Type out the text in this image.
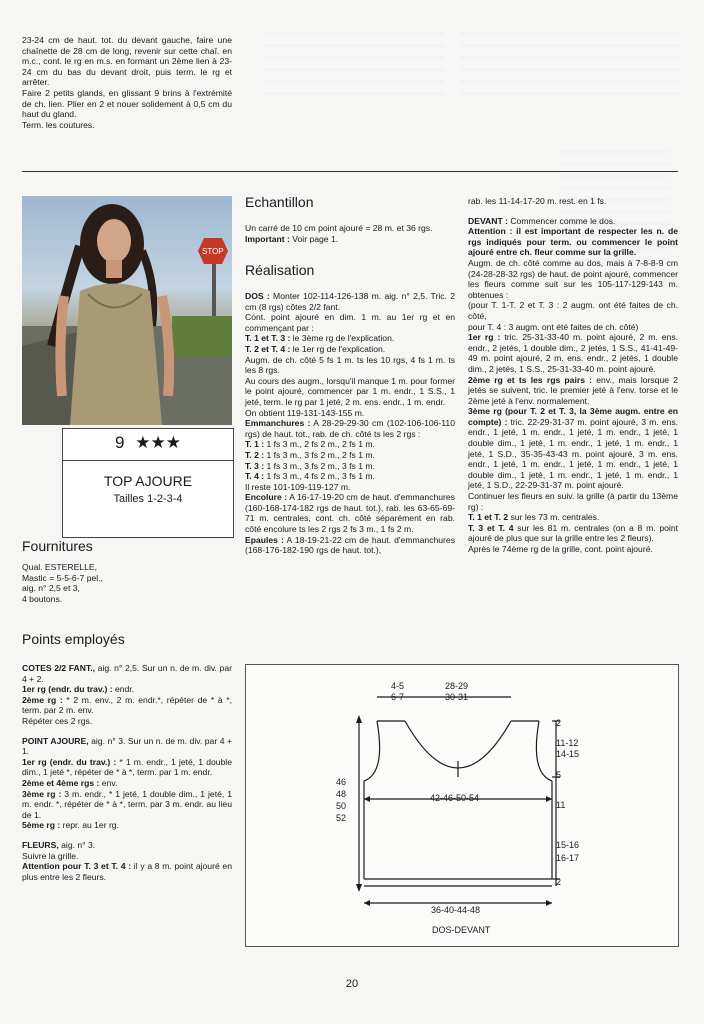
23-24 cm de haut. tot. du devant gauche, faire une chaînette de 28 cm de long, revenir sur cette chaî. en m.c., cont. le rg en m.s. en formant un 2ème lien à 23-24 cm du bas du devant droit, puis term. le rg et arrêter.

Faire 2 petits glands, en glissant 9 brins à l'extrémité de ch. lien. Plier en 2 et nouer solidement à 0,5 cm du haut du gland.

Term. les coutures.

STOP
9 ★★★
TOP AJOURE
Tailles 1-2-3-4
Fournitures

Qual. ESTERELLE,

Mastic = 5-5-6-7 pel.,

aig. n° 2,5 et 3,

4 boutons.

Points employés

COTES 2/2 FANT., aig. n° 2,5. Sur un n. de m. div. par 4 + 2.

1er rg (endr. du trav.) : endr.

2ème rg : * 2 m. env., 2 m. endr.*, répéter de * à *, term. par 2 m. env.

Répéter ces 2 rgs.

POINT AJOURE, aig. n° 3. Sur un n. de m. div. par 4 + 1.

1er rg (endr. du trav.) : * 1 m. endr., 1 jeté, 1 double dim., 1 jeté *, répéter de * à *, term. par 1 m. endr.

2ème et 4ème rgs : env.

3ème rg : 3 m. endr., * 1 jeté, 1 double dim., 1 jeté, 1 m. endr. *, répéter de * à *, term. par 3 m. endr. au lieu de 1.

5ème rg : repr. au 1er rg.

FLEURS, aig. n° 3.

Suivre la grille.

Attention pour T. 3 et T. 4 : il y a 8 m. point ajouré en plus entre les 2 fleurs.

Echantillon

Un carré de 10 cm point ajouré = 28 m. et 36 rgs.

Important : Voir page 1.

Réalisation

DOS : Monter 102-114-126-138 m. aig. n° 2,5. Tric. 2 cm (8 rgs) côtes 2/2 fant.

Cont. point ajouré en dim. 1 m. au 1er rg et en commençant par :

T. 1 et T. 3 : le 3ème rg de l'explication.

T. 2 et T. 4 : le 1er rg de l'explication.

Augm. de ch. côté 5 fs 1 m. ts les 10 rgs, 4 fs 1 m. ts les 8 rgs.

Au cours des augm., lorsqu'il manque 1 m. pour former le point ajouré, commencer par 1 m. endr., 1 S.S., 1 jeté, term. le rg par 1 jeté, 2 m. ens. endr., 1 m. endr.

On obtient 119-131-143-155 m.

Emmanchures : A 28-29-29-30 cm (102-106-106-110 rgs) de haut. tot., rab. de ch. côté ts les 2 rgs :

T. 1 : 1 fs 3 m., 2 fs 2 m., 2 fs 1 m.

T. 2 : 1 fs 3 m., 3 fs 2 m., 2 fs 1 m.

T. 3 : 1 fs 3 m., 3 fs 2 m., 3 fs 1 m.

T. 4 : 1 fs 3 m., 4 fs 2 m., 3 fs 1 m.

Il reste 101-109-119-127 m.

Encolure : A 16-17-19-20 cm de haut. d'emmanchures (160-168-174-182 rgs de haut. tot.), rab. les 63-65-69-71 m. centrales, cont. ch. côté séparément en rab. côté encolure ts les 2 rgs 2 fs 3 m., 1 fs 2 m.

Epaules : A 18-19-21-22 cm de haut. d'emmanchures (168-176-182-190 rgs de haut. tot.),

rab. les 11-14-17-20 m. rest. en 1 fs.

DEVANT : Commencer comme le dos.

Attention : il est important de respecter les n. de rgs indiqués pour term. ou commencer le point ajouré entre ch. fleur comme sur la grille.

Augm. de ch. côté comme au dos, mais à 7-8-8-9 cm (24-28-28-32 rgs) de haut. de point ajouré, commencer les fleurs comme suit sur les 105-117-129-143 m. obtenues :

(pour T. 1-T. 2 et T. 3 : 2 augm. ont été faites de ch. côté,

pour T. 4 : 3 augm. ont été faites de ch. côté)

1er rg : tric. 25-31-33-40 m. point ajouré, 2 m. ens. endr., 2 jetés, 1 double dim., 2 jetés, 1 S.S., 41-41-49-49 m. point ajouré, 2 m. ens. endr., 2 jetés, 1 double dim., 2 jetés, 1 S.S., 25-31-33-40 m. point ajouré.

2ème rg et ts les rgs pairs : env., mais lorsque 2 jetés se suivent, tric. le premier jeté à l'env. torse et le 2ème jeté à l'env. normalement.

3ème rg (pour T. 2 et T. 3, la 3ème augm. entre en compte) : tric. 22-29-31-37 m. point ajouré, 3 m. ens. endr., 1 jeté, 1 m. endr., 1 jeté, 1 m. endr., 1 jeté, 1 double dim., 1 jeté, 1 m. endr., 1 jeté, 1 m. endr., 1 jeté, 1 S.D., 35-35-43-43 m. point ajouré, 3 m. ens. endr., 1 jeté, 1 m. endr., 1 jeté, 1 m. endr., 1 jeté, 1 double dim., 1 jeté, 1 m. endr., 1 jeté, 1 m. endr., 1 jeté, 1 S.D., 22-29-31-37 m. point ajouré.

Continuer les fleurs en suiv. la grille (à partir du 13ème rg) :

T. 1 et T. 2 sur les 73 m. centrales.

T. 3 et T. 4 sur les 81 m. centrales (on a 8 m. point ajouré de plus que sur la grille entre les 2 fleurs).

Après le 74ème rg de la grille, cont. point ajouré.

4-5
6-7
28-29
30-31
46
48
50
52
42-46-50-54
2
11-12
14-15
5
11
15-16
16-17
2
36-40-44-48
DOS-DEVANT
20
